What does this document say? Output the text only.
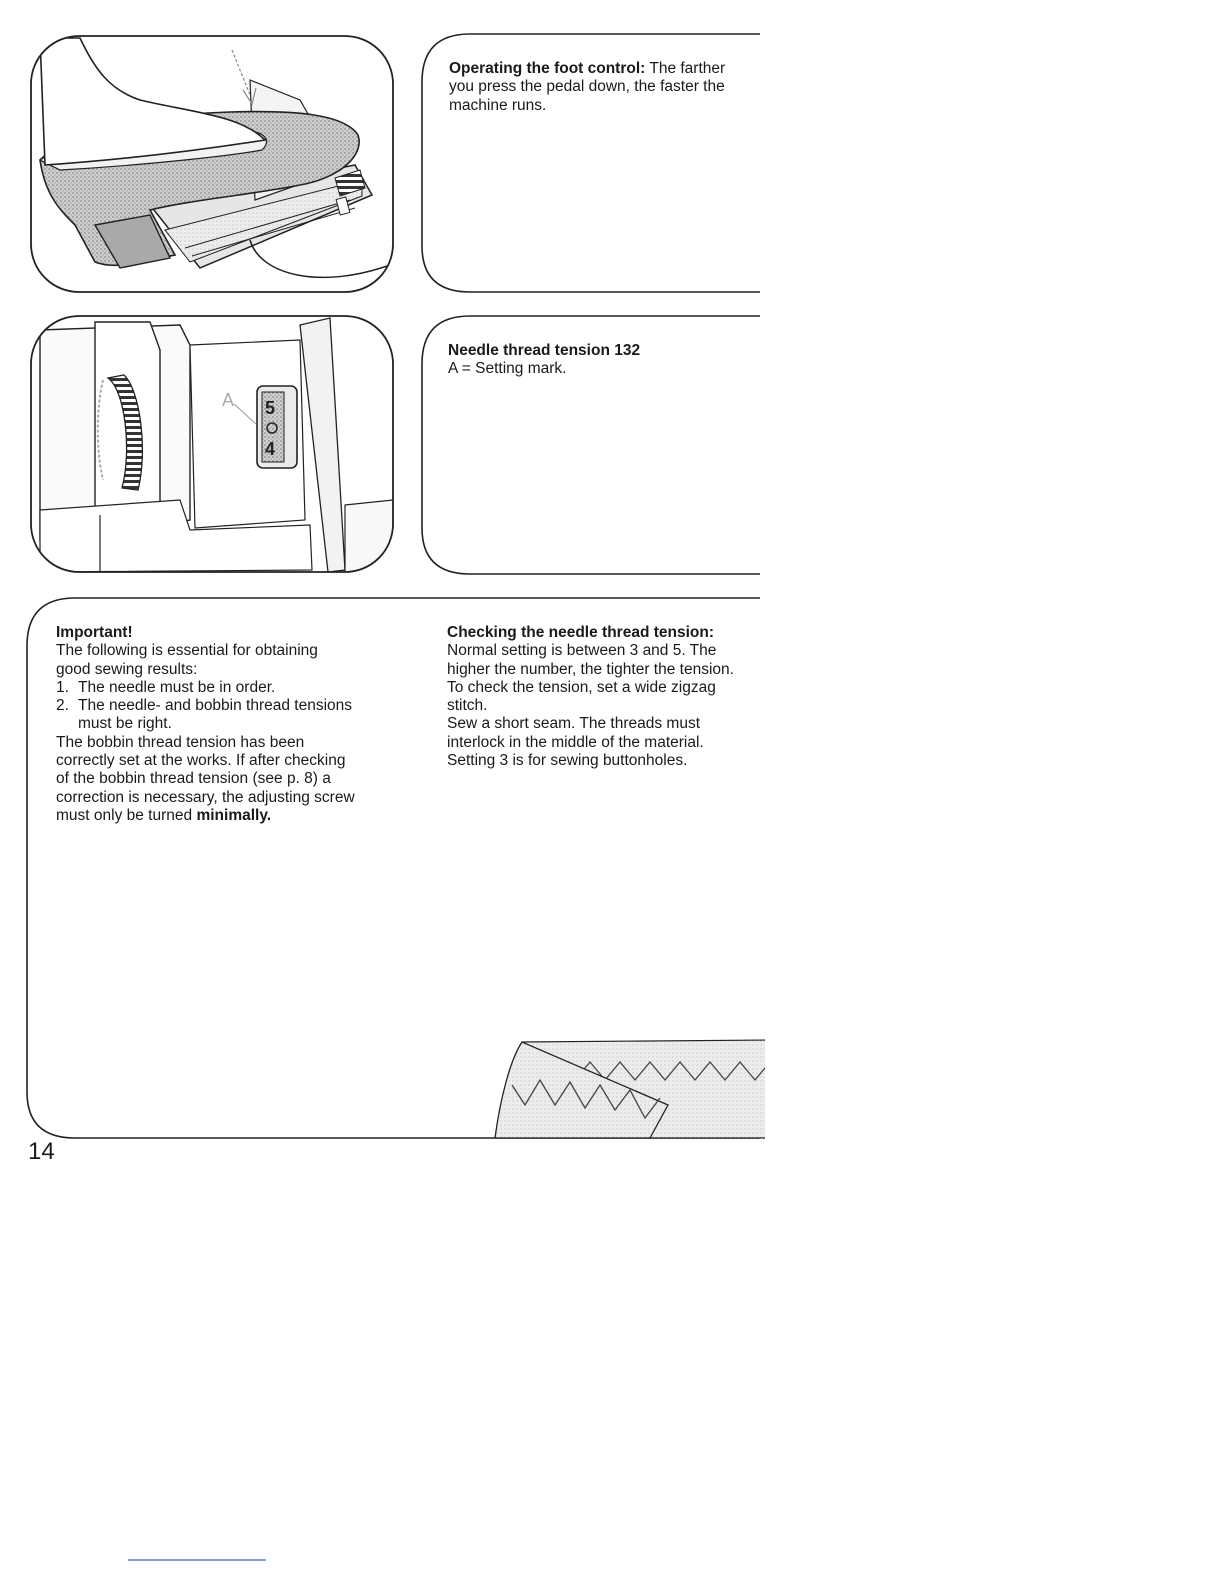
A 5
4

Operating the foot control: The farther you press the pedal down, the faster the machine runs.

Needle thread tension 132

A = Setting mark.

Important!

The following is essential for obtaining good sewing results:

1. The needle must be in order.
2. The needle- and bobbin thread tensions must be right.

The bobbin thread tension has been correctly set at the works. If after checking of the bobbin thread tension (see p. 8) a correction is necessary, the adjusting screw must only be turned minimally.

Checking the needle thread tension:

Normal setting is between 3 and 5. The higher the number, the tighter the tension. To check the tension, set a wide zigzag stitch.

Sew a short seam. The threads must interlock in the middle of the material.

Setting 3 is for sewing buttonholes.

14
